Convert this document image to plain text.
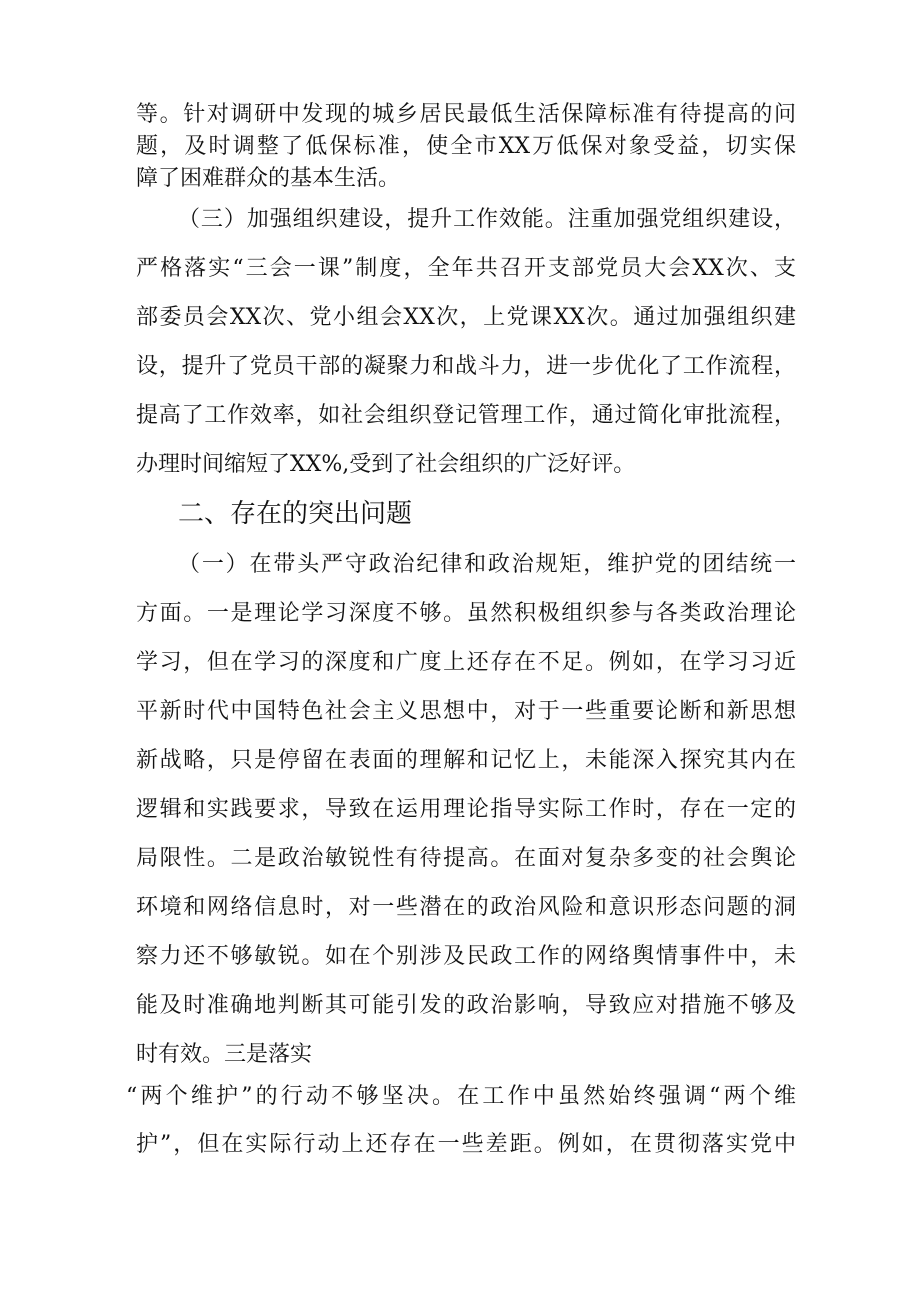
等。针对调研中发现的城乡居民最低生活保障标准有待提高的问
题，及时调整了低保标准，使全市XX万低保对象受益，切实保
障了困难群众的基本生活。
（三）加强组织建设，提升工作效能。注重加强党组织建设，
严格落实“三会一课”制度，全年共召开支部党员大会XX次、支
部委员会XX次、党小组会XX次，上党课XX次。通过加强组织建
设，提升了党员干部的凝聚力和战斗力，进一步优化了工作流程，
提高了工作效率，如社会组织登记管理工作，通过简化审批流程，
办理时间缩短了XX%,受到了社会组织的广泛好评。
二、存在的突出问题
（一）在带头严守政治纪律和政治规矩，维护党的团结统一
方面。一是理论学习深度不够。虽然积极组织参与各类政治理论
学习，但在学习的深度和广度上还存在不足。例如，在学习习近
平新时代中国特色社会主义思想中，对于一些重要论断和新思想
新战略，只是停留在表面的理解和记忆上，未能深入探究其内在
逻辑和实践要求，导致在运用理论指导实际工作时，存在一定的
局限性。二是政治敏锐性有待提高。在面对复杂多变的社会舆论
环境和网络信息时，对一些潜在的政治风险和意识形态问题的洞
察力还不够敏锐。如在个别涉及民政工作的网络舆情事件中，未
能及时准确地判断其可能引发的政治影响，导致应对措施不够及
时有效。三是落实
“两个维护”的行动不够坚决。在工作中虽然始终强调“两个维
护”，但在实际行动上还存在一些差距。例如，在贯彻落实党中
